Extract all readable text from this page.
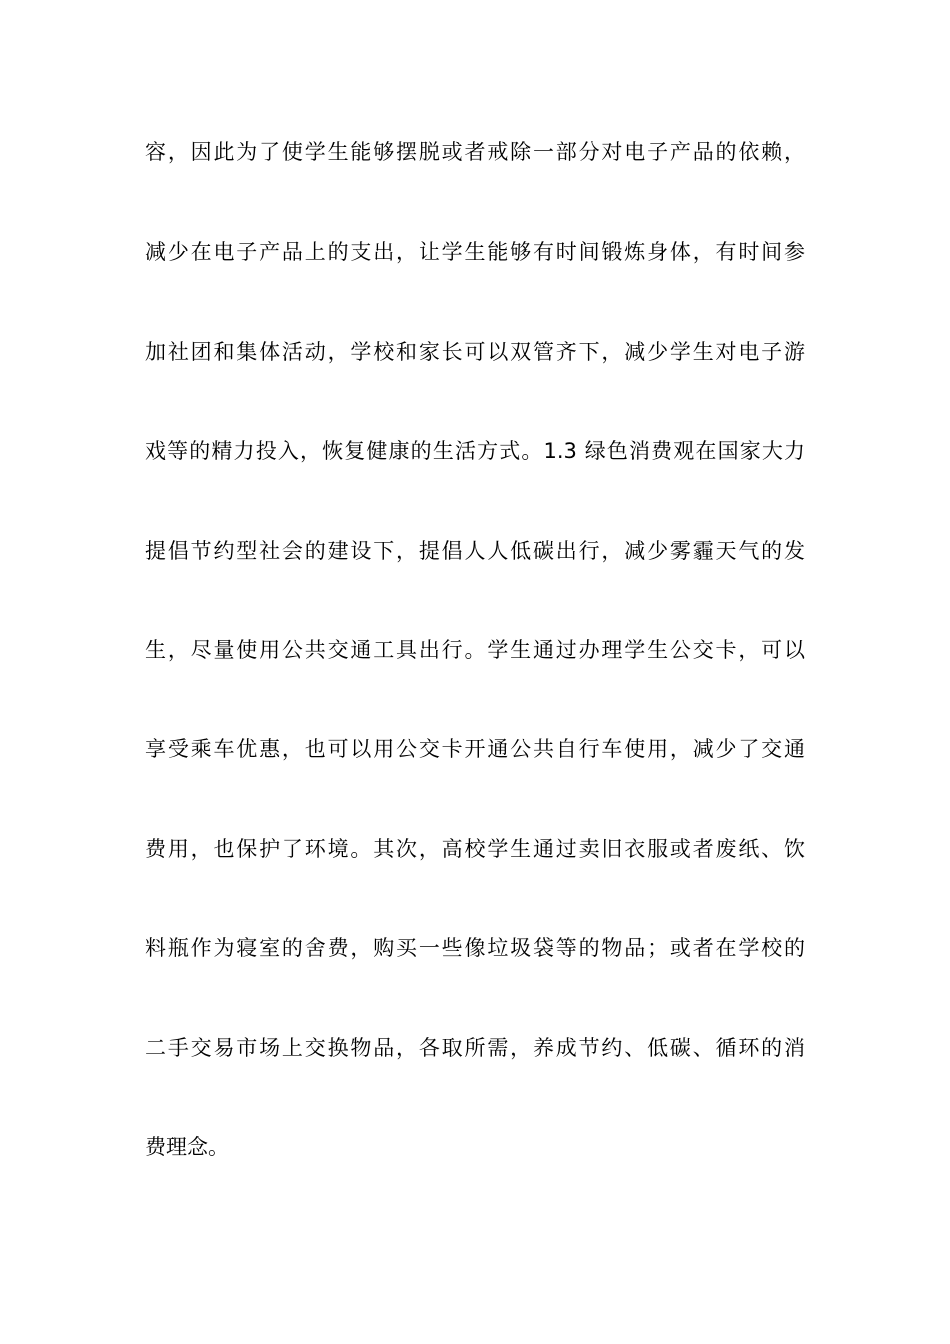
容，因此为了使学生能够摆脱或者戒除一部分对电子产品的依赖，
减少在电子产品上的支出，让学生能够有时间锻炼身体，有时间参
加社团和集体活动，学校和家长可以双管齐下，减少学生对电子游
戏等的精力投入，恢复健康的生活方式。1.3 绿色消费观在国家大力
提倡节约型社会的建设下，提倡人人低碳出行，减少雾霾天气的发
生，尽量使用公共交通工具出行。学生通过办理学生公交卡，可以
享受乘车优惠，也可以用公交卡开通公共自行车使用，减少了交通
费用，也保护了环境。其次，高校学生通过卖旧衣服或者废纸、饮
料瓶作为寝室的舍费，购买一些像垃圾袋等的物品；或者在学校的
二手交易市场上交换物品，各取所需，养成节约、低碳、循环的消
费理念。
